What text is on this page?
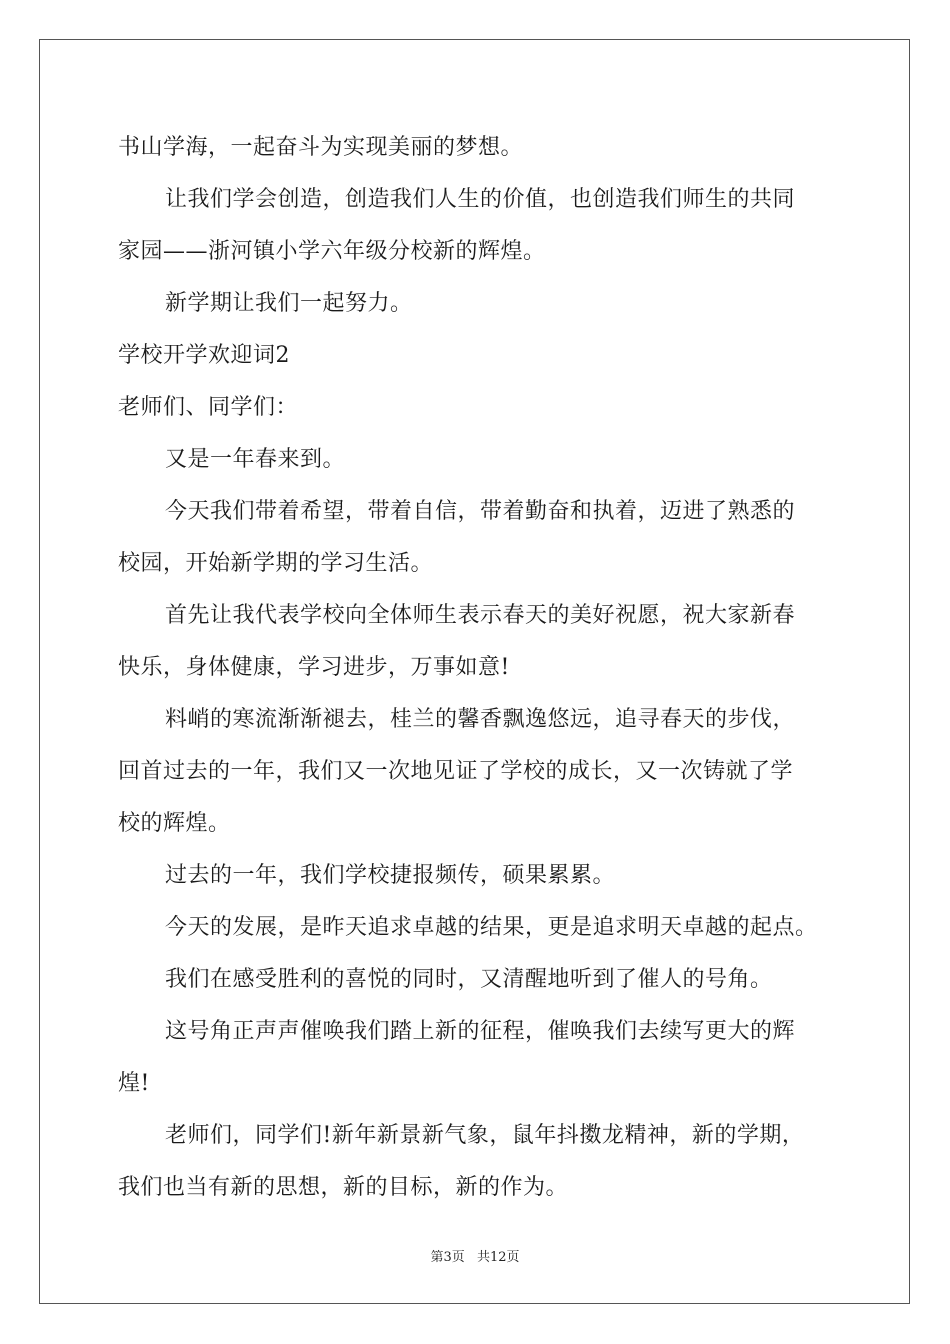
书山学海，一起奋斗为实现美丽的梦想。
让我们学会创造，创造我们人生的价值，也创造我们师生的共同
家园——浙河镇小学六年级分校新的辉煌。
新学期让我们一起努力。
学校开学欢迎词2
老师们、同学们：
又是一年春来到。
今天我们带着希望，带着自信，带着勤奋和执着，迈进了熟悉的
校园，开始新学期的学习生活。
首先让我代表学校向全体师生表示春天的美好祝愿，祝大家新春
快乐，身体健康，学习进步，万事如意!
料峭的寒流渐渐褪去，桂兰的馨香飘逸悠远，追寻春天的步伐，
回首过去的一年，我们又一次地见证了学校的成长，又一次铸就了学
校的辉煌。
过去的一年，我们学校捷报频传，硕果累累。
今天的发展，是昨天追求卓越的结果，更是追求明天卓越的起点。
我们在感受胜利的喜悦的同时，又清醒地听到了催人的号角。
这号角正声声催唤我们踏上新的征程，催唤我们去续写更大的辉
煌!
老师们，同学们!新年新景新气象，鼠年抖擞龙精神，新的学期，
我们也当有新的思想，新的目标，新的作为。
第3页 共12页
